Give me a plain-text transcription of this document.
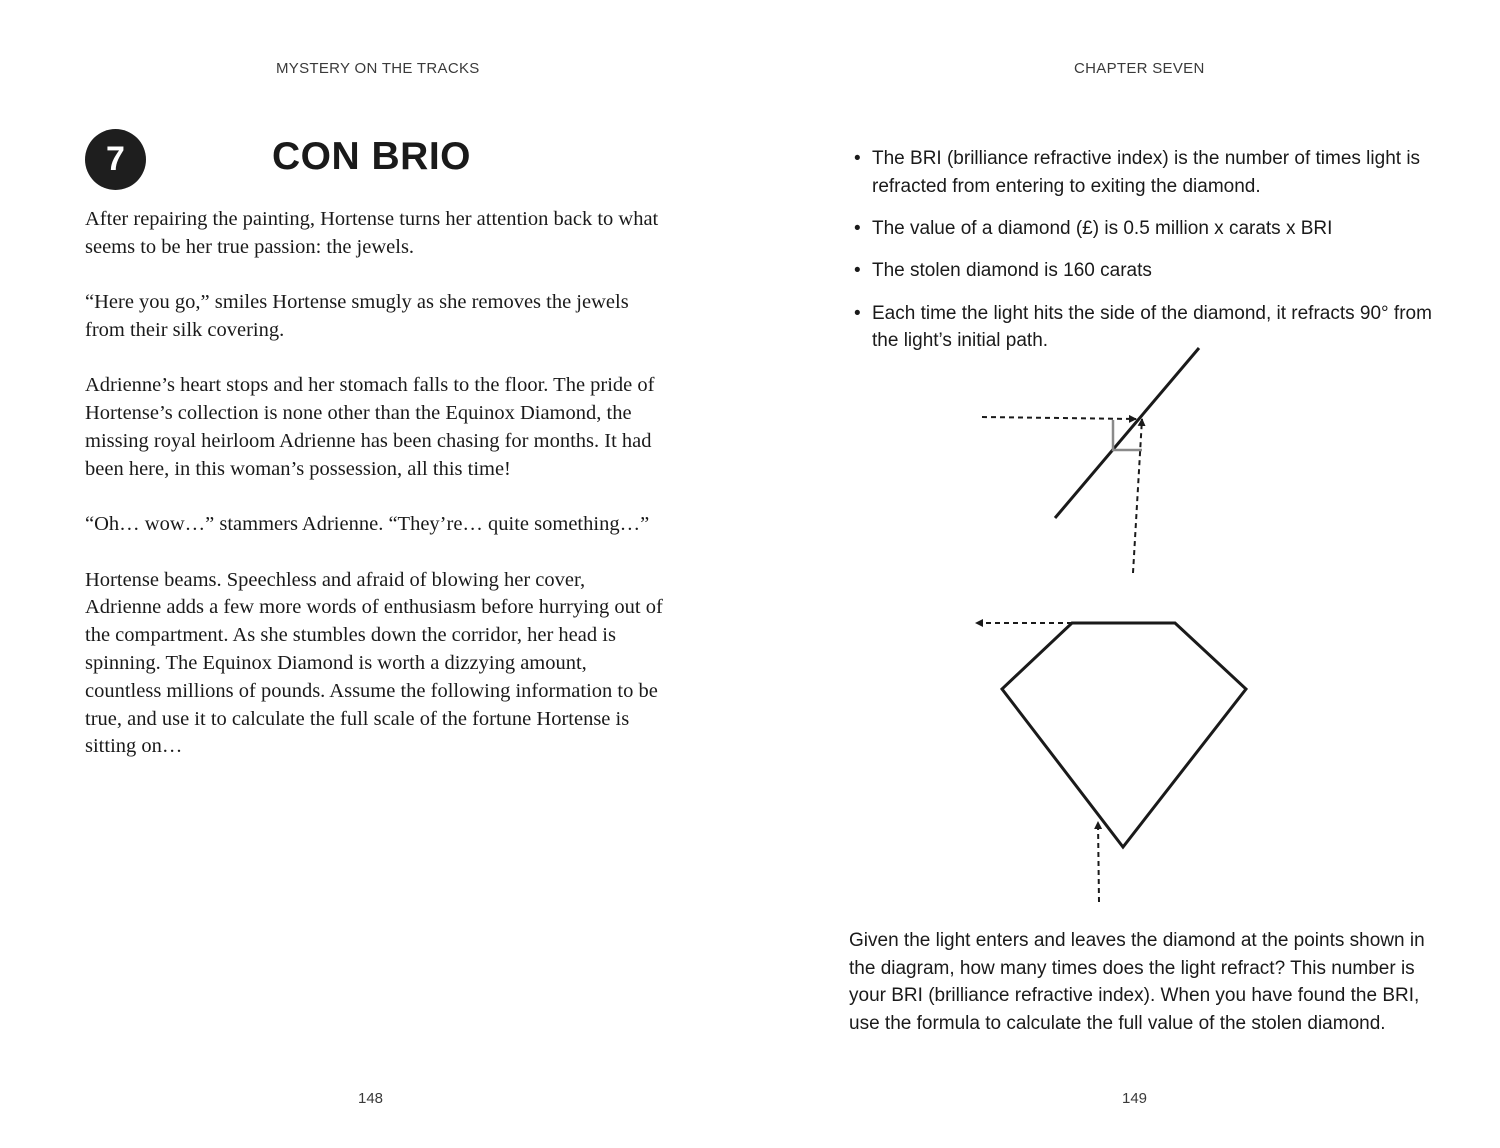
MYSTERY ON THE TRACKS
7	CON BRIO

After repairing the painting, Hortense turns her attention back to what seems to be her true passion: the jewels.

“Here you go,” smiles Hortense smugly as she removes the jewels from their silk covering.

Adrienne’s heart stops and her stomach falls to the floor. The pride of Hortense’s collection is none other than the Equinox Diamond, the missing royal heirloom Adrienne has been chasing for months. It had been here, in this woman’s possession, all this time!

“Oh… wow…” stammers Adrienne. “They’re… quite something…”

Hortense beams. Speechless and afraid of blowing her cover, Adrienne adds a few more words of enthusiasm before hurrying out of the compartment. As she stumbles down the corridor, her head is spinning. The Equinox Diamond is worth a dizzying amount, countless millions of pounds. Assume the following information to be true, and use it to calculate the full scale of the fortune Hortense is sitting on…

148
CHAPTER SEVEN
• The BRI (brilliance refractive index) is the number of times light is refracted from entering to exiting the diamond.
• The value of a diamond (£) is 0.5 million x carats x BRI
• The stolen diamond is 160 carats
• Each time the light hits the side of the diamond, it refracts 90° from the light’s initial path.

Given the light enters and leaves the diamond at the points shown in the diagram, how many times does the light refract? This number is your BRI (brilliance refractive index). When you have found the BRI, use the formula to calculate the full value of the stolen diamond.

149
